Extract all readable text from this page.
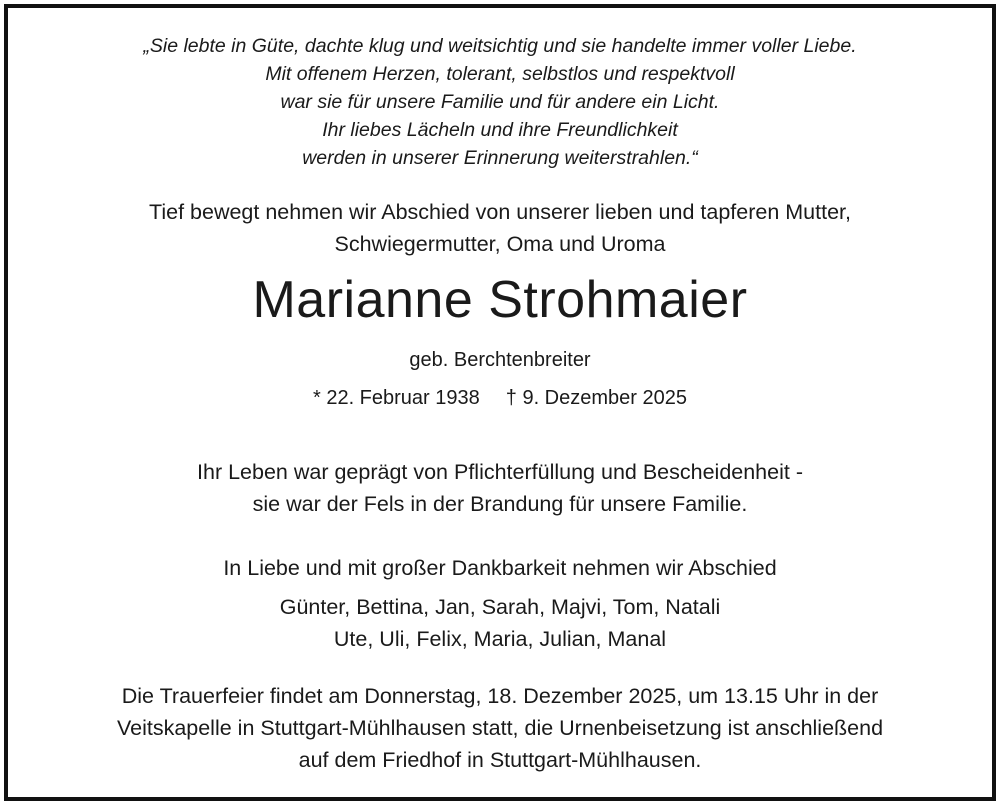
„Sie lebte in Güte, dachte klug und weitsichtig und sie handelte immer voller Liebe.
Mit offenem Herzen, tolerant, selbstlos und respektvoll
war sie für unsere Familie und für andere ein Licht.
Ihr liebes Lächeln und ihre Freundlichkeit
werden in unserer Erinnerung weiterstrahlen.“
Tief bewegt nehmen wir Abschied von unserer lieben und tapferen Mutter,
Schwiegermutter, Oma und Uroma
Marianne Strohmaier
geb. Berchtenbreiter
* 22. Februar 1938 † 9. Dezember 2025
Ihr Leben war geprägt von Pflichterfüllung und Bescheidenheit -
sie war der Fels in der Brandung für unsere Familie.
In Liebe und mit großer Dankbarkeit nehmen wir Abschied
Günter, Bettina, Jan, Sarah, Majvi, Tom, Natali
Ute, Uli, Felix, Maria, Julian, Manal
Die Trauerfeier findet am Donnerstag, 18. Dezember 2025, um 13.15 Uhr in der
Veitskapelle in Stuttgart-Mühlhausen statt, die Urnenbeisetzung ist anschließend
auf dem Friedhof in Stuttgart-Mühlhausen.
